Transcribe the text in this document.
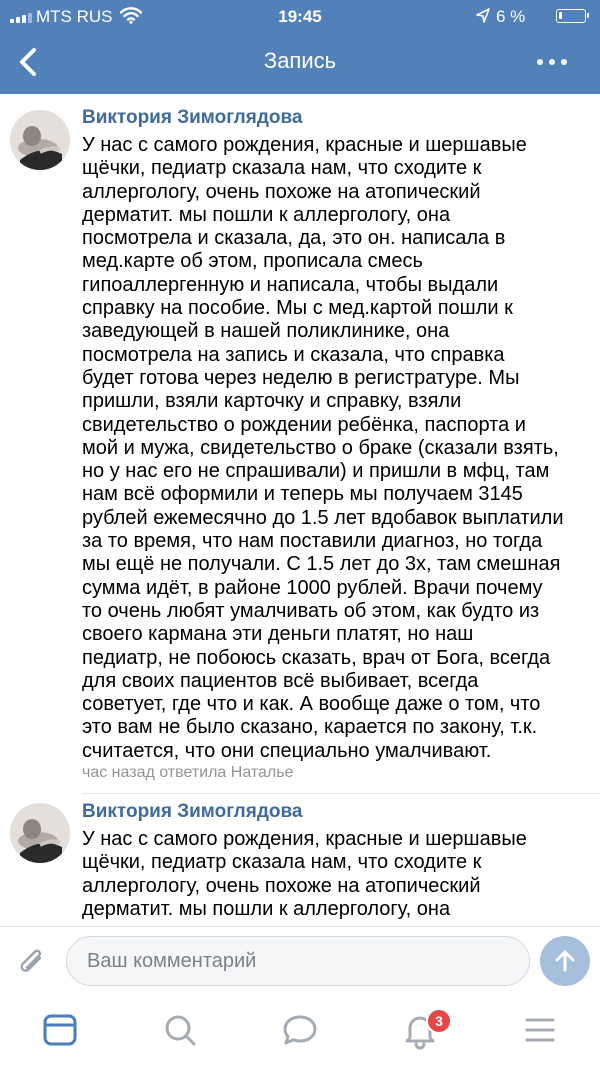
MTS RUS	19:45	6 %
Запись
Виктория Зимоглядова
У нас с самого рождения, красные и шершавые
щёчки, педиатр сказала нам, что сходите к
аллергологу, очень похоже на атопический
дерматит. мы пошли к аллергологу, она
посмотрела и сказала, да, это он. написала в
мед.карте об этом, прописала смесь
гипоаллергенную и написала, чтобы выдали
справку на пособие. Мы с мед.картой пошли к
заведующей в нашей поликлинике, она
посмотрела на запись и сказала, что справка
будет готова через неделю в регистратуре. Мы
пришли, взяли карточку и справку, взяли
свидетельство о рождении ребёнка, паспорта и
мой и мужа, свидетельство о браке (сказали взять,
но у нас его не спрашивали) и пришли в мфц, там
нам всё оформили и теперь мы получаем 3145
рублей ежемесячно до 1.5 лет вдобавок выплатили
за то время, что нам поставили диагноз, но тогда
мы ещё не получали. С 1.5 лет до 3х, там смешная
сумма идёт, в районе 1000 рублей. Врачи почему
то очень любят умалчивать об этом, как будто из
своего кармана эти деньги платят, но наш
педиатр, не побоюсь сказать, врач от Бога, всегда
для своих пациентов всё выбивает, всегда
советует, где что и как. А вообще даже о том, что
это вам не было сказано, карается по закону, т.к.
считается, что они специально умалчивают.
час назад ответила Наталье
Виктория Зимоглядова
У нас с самого рождения, красные и шершавые
щёчки, педиатр сказала нам, что сходите к
аллергологу, очень похоже на атопический
дерматит. мы пошли к аллергологу, она
Ваш комментарий
3
